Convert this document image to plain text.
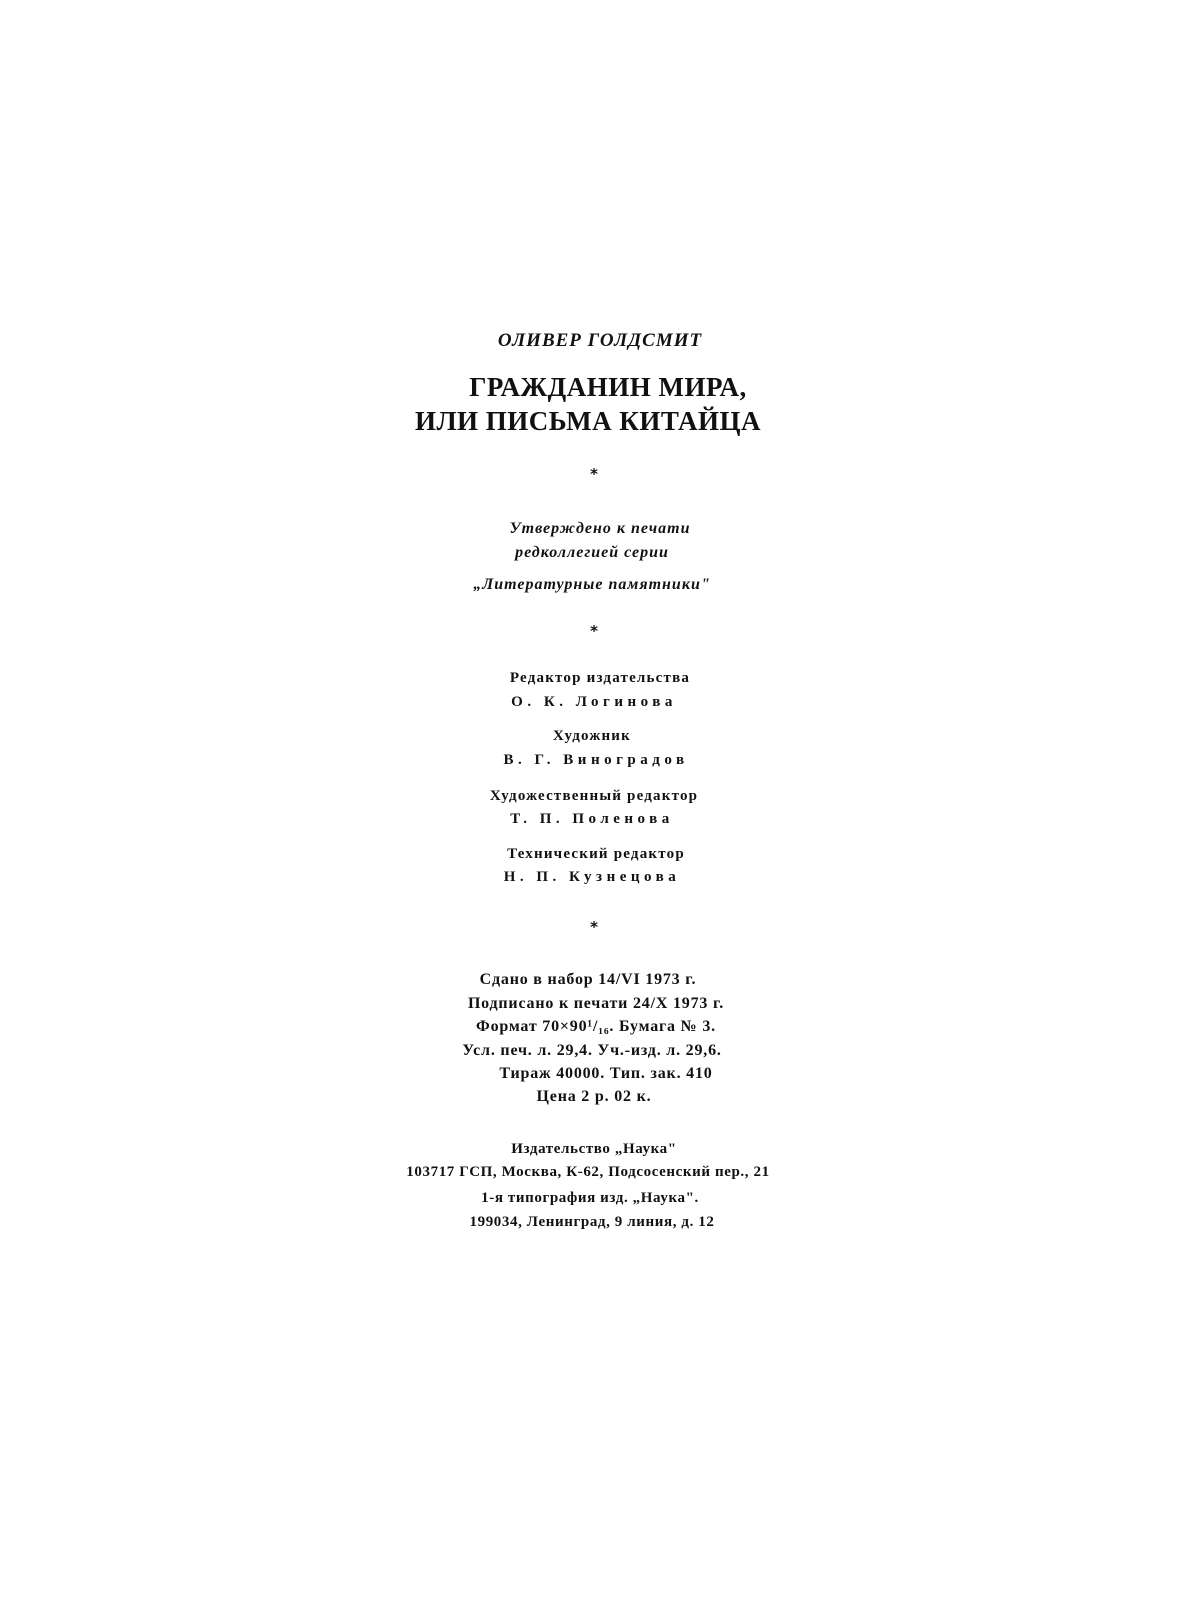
ОЛИВЕР ГОЛДСМИТ
ГРАЖДАНИН МИРА,
ИЛИ ПИСЬМА КИТАЙЦА
*
Утверждено к печати
редколлегией серии
„Литературные памятники"
*
Редактор издательства
О. К. Логинова
Художник
В. Г. Виноградов
Художественный редактор
Т. П. Поленова
Технический редактор
Н. П. Кузнецова
*
Сдано в набор 14/VI 1973 г.
Подписано к печати 24/X 1973 г.
Формат 70×90¹/₁₆. Бумага № 3.
Усл. печ. л. 29,4. Уч.-изд. л. 29,6.
Тираж 40000. Тип. зак. 410
Цена 2 р. 02 к.
Издательство „Наука"
103717 ГСП, Москва, К-62, Подсосенский пер., 21
1-я типография изд. „Наука".
199034, Ленинград, 9 линия, д. 12
